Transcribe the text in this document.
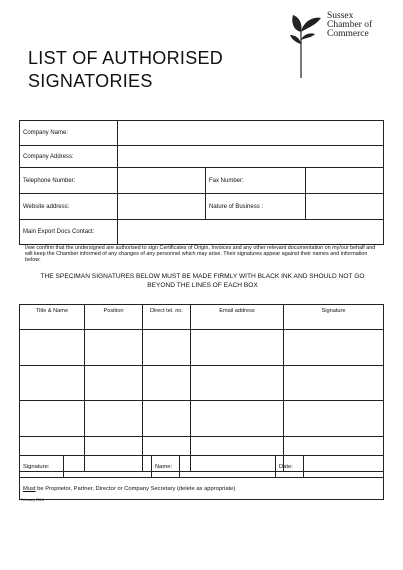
Sussex
Chamber of
Commerce
LIST OF AUTHORISED
SIGNATORIES
Company Name:			
Company Address:			
Telephone Number:		Fax Number:	
Website address:		Nature of Business :	
Main Export Docs Contact:			
I/we confirm that the undersigned are authorised to sign Certificates of Origin, Invoices and any other relevant documentation on my/our behalf and will keep the Chamber informed of any changes of any personnel which may arise. Their signatures appear against their names and information below:
THE SPECIMAN SIGNATURES BELOW MUST BE MADE FIRMLY WITH BLACK INK AND SHOULD NOT GO
BEYOND THE LINES OF EACH BOX
Title & Name	Position	Direct tel. no.	Email address	Signature

Signature:		Name:		Date:	
Must be Proprietor, Partner, Director or Company Secretary (delete as appropriate)
February 2014
